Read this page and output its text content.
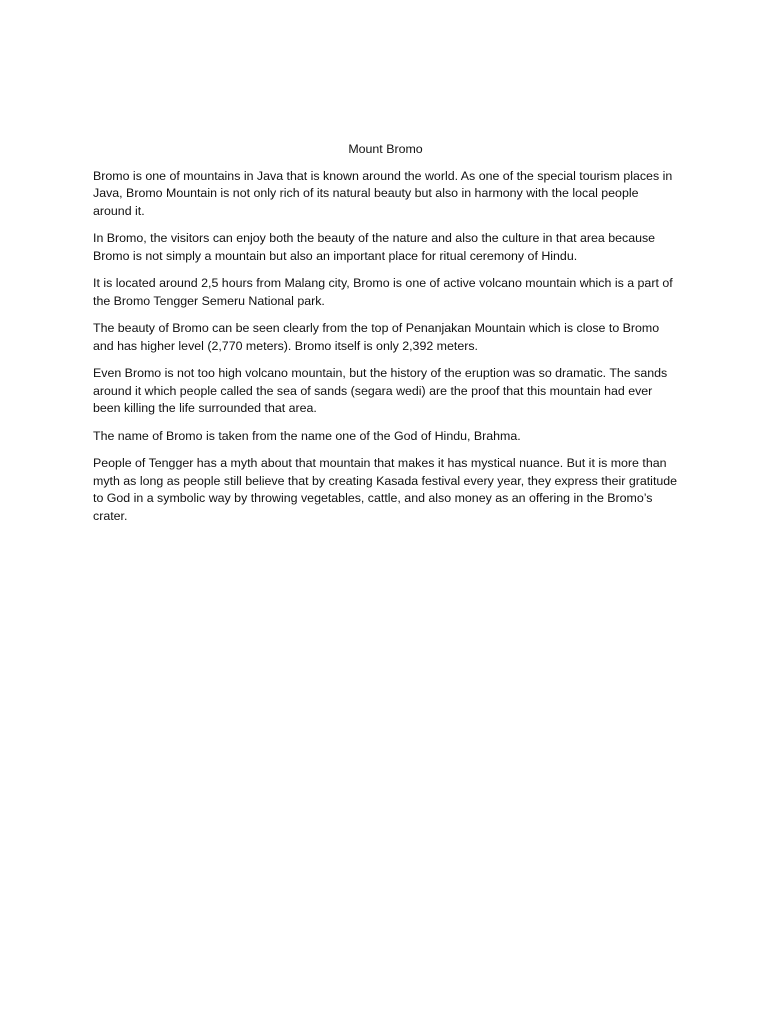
Mount Bromo

Bromo is one of mountains in Java that is known around the world. As one of the special tourism places in Java, Bromo Mountain is not only rich of its natural beauty but also in harmony with the local people around it.

In Bromo, the visitors can enjoy both the beauty of the nature and also the culture in that area because Bromo is not simply a mountain but also an important place for ritual ceremony of Hindu.

It is located around 2,5 hours from Malang city, Bromo is one of active volcano mountain which is a part of the Bromo Tengger Semeru National park.

The beauty of Bromo can be seen clearly from the top of Penanjakan Mountain which is close to Bromo and has higher level (2,770 meters). Bromo itself is only 2,392 meters.

Even Bromo is not too high volcano mountain, but the history of the eruption was so dramatic. The sands around it which people called the sea of sands (segara wedi) are the proof that this mountain had ever been killing the life surrounded that area.

The name of Bromo is taken from the name one of the God of Hindu, Brahma.

People of Tengger has a myth about that mountain that makes it has mystical nuance. But it is more than myth as long as people still believe that by creating Kasada festival every year, they express their gratitude to God in a symbolic way by throwing vegetables, cattle, and also money as an offering in the Bromo’s crater.
